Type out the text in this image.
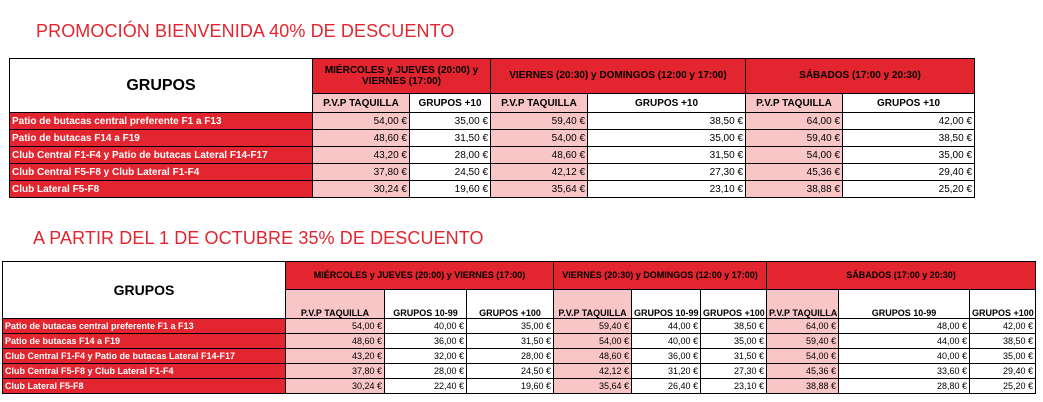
PROMOCIÓN BIENVENIDA 40% DE DESCUENTO
GRUPOS	MIÉRCOLES y JUEVES (20:00) y VIERNES (17:00)		VIERNES (20:30) y DOMINGOS (12:00 y 17:00)		SÁBADOS (17:00 y 20:30)	
	P.V.P TAQUILLA	GRUPOS +10	P.V.P TAQUILLA	GRUPOS +10	P.V.P TAQUILLA	GRUPOS +10
Patio de butacas central preferente F1 a F13	54,00 €	35,00 €	59,40 €	38,50 €	64,00 €	42,00 €
Patio de butacas F14 a F19	48,60 €	31,50 €	54,00 €	35,00 €	59,40 €	38,50 €
Club Central F1-F4 y Patio de butacas Lateral F14-F17	43,20 €	28,00 €	48,60 €	31,50 €	54,00 €	35,00 €
Club Central F5-F8 y Club Lateral F1-F4	37,80 €	24,50 €	42,12 €	27,30 €	45,36 €	29,40 €
Club Lateral F5-F8	30,24 €	19,60 €	35,64 €	23,10 €	38,88 €	25,20 €
A PARTIR DEL 1 DE OCTUBRE 35% DE DESCUENTO
GRUPOS	MIÉRCOLES y JUEVES (20:00) y VIERNES (17:00)			VIERNES (20:30) y DOMINGOS (12:00 y 17:00)			SÁBADOS (17:00 y 20:30)		
	P.V.P TAQUILLA	GRUPOS 10-99	GRUPOS +100	P.V.P TAQUILLA	GRUPOS 10-99	GRUPOS +100	P.V.P TAQUILLA	GRUPOS 10-99	GRUPOS +100
Patio de butacas central preferente F1 a F13	54,00 €	40,00 €	35,00 €	59,40 €	44,00 €	38,50 €	64,00 €	48,00 €	42,00 €
Patio de butacas F14 a F19	48,60 €	36,00 €	31,50 €	54,00 €	40,00 €	35,00 €	59,40 €	44,00 €	38,50 €
Club Central F1-F4 y Patio de butacas Lateral F14-F17	43,20 €	32,00 €	28,00 €	48,60 €	36,00 €	31,50 €	54,00 €	40,00 €	35,00 €
Club Central F5-F8 y Club Lateral F1-F4	37,80 €	28,00 €	24,50 €	42,12 €	31,20 €	27,30 €	45,36 €	33,60 €	29,40 €
Club Lateral F5-F8	30,24 €	22,40 €	19,60 €	35,64 €	26,40 €	23,10 €	38,88 €	28,80 €	25,20 €
